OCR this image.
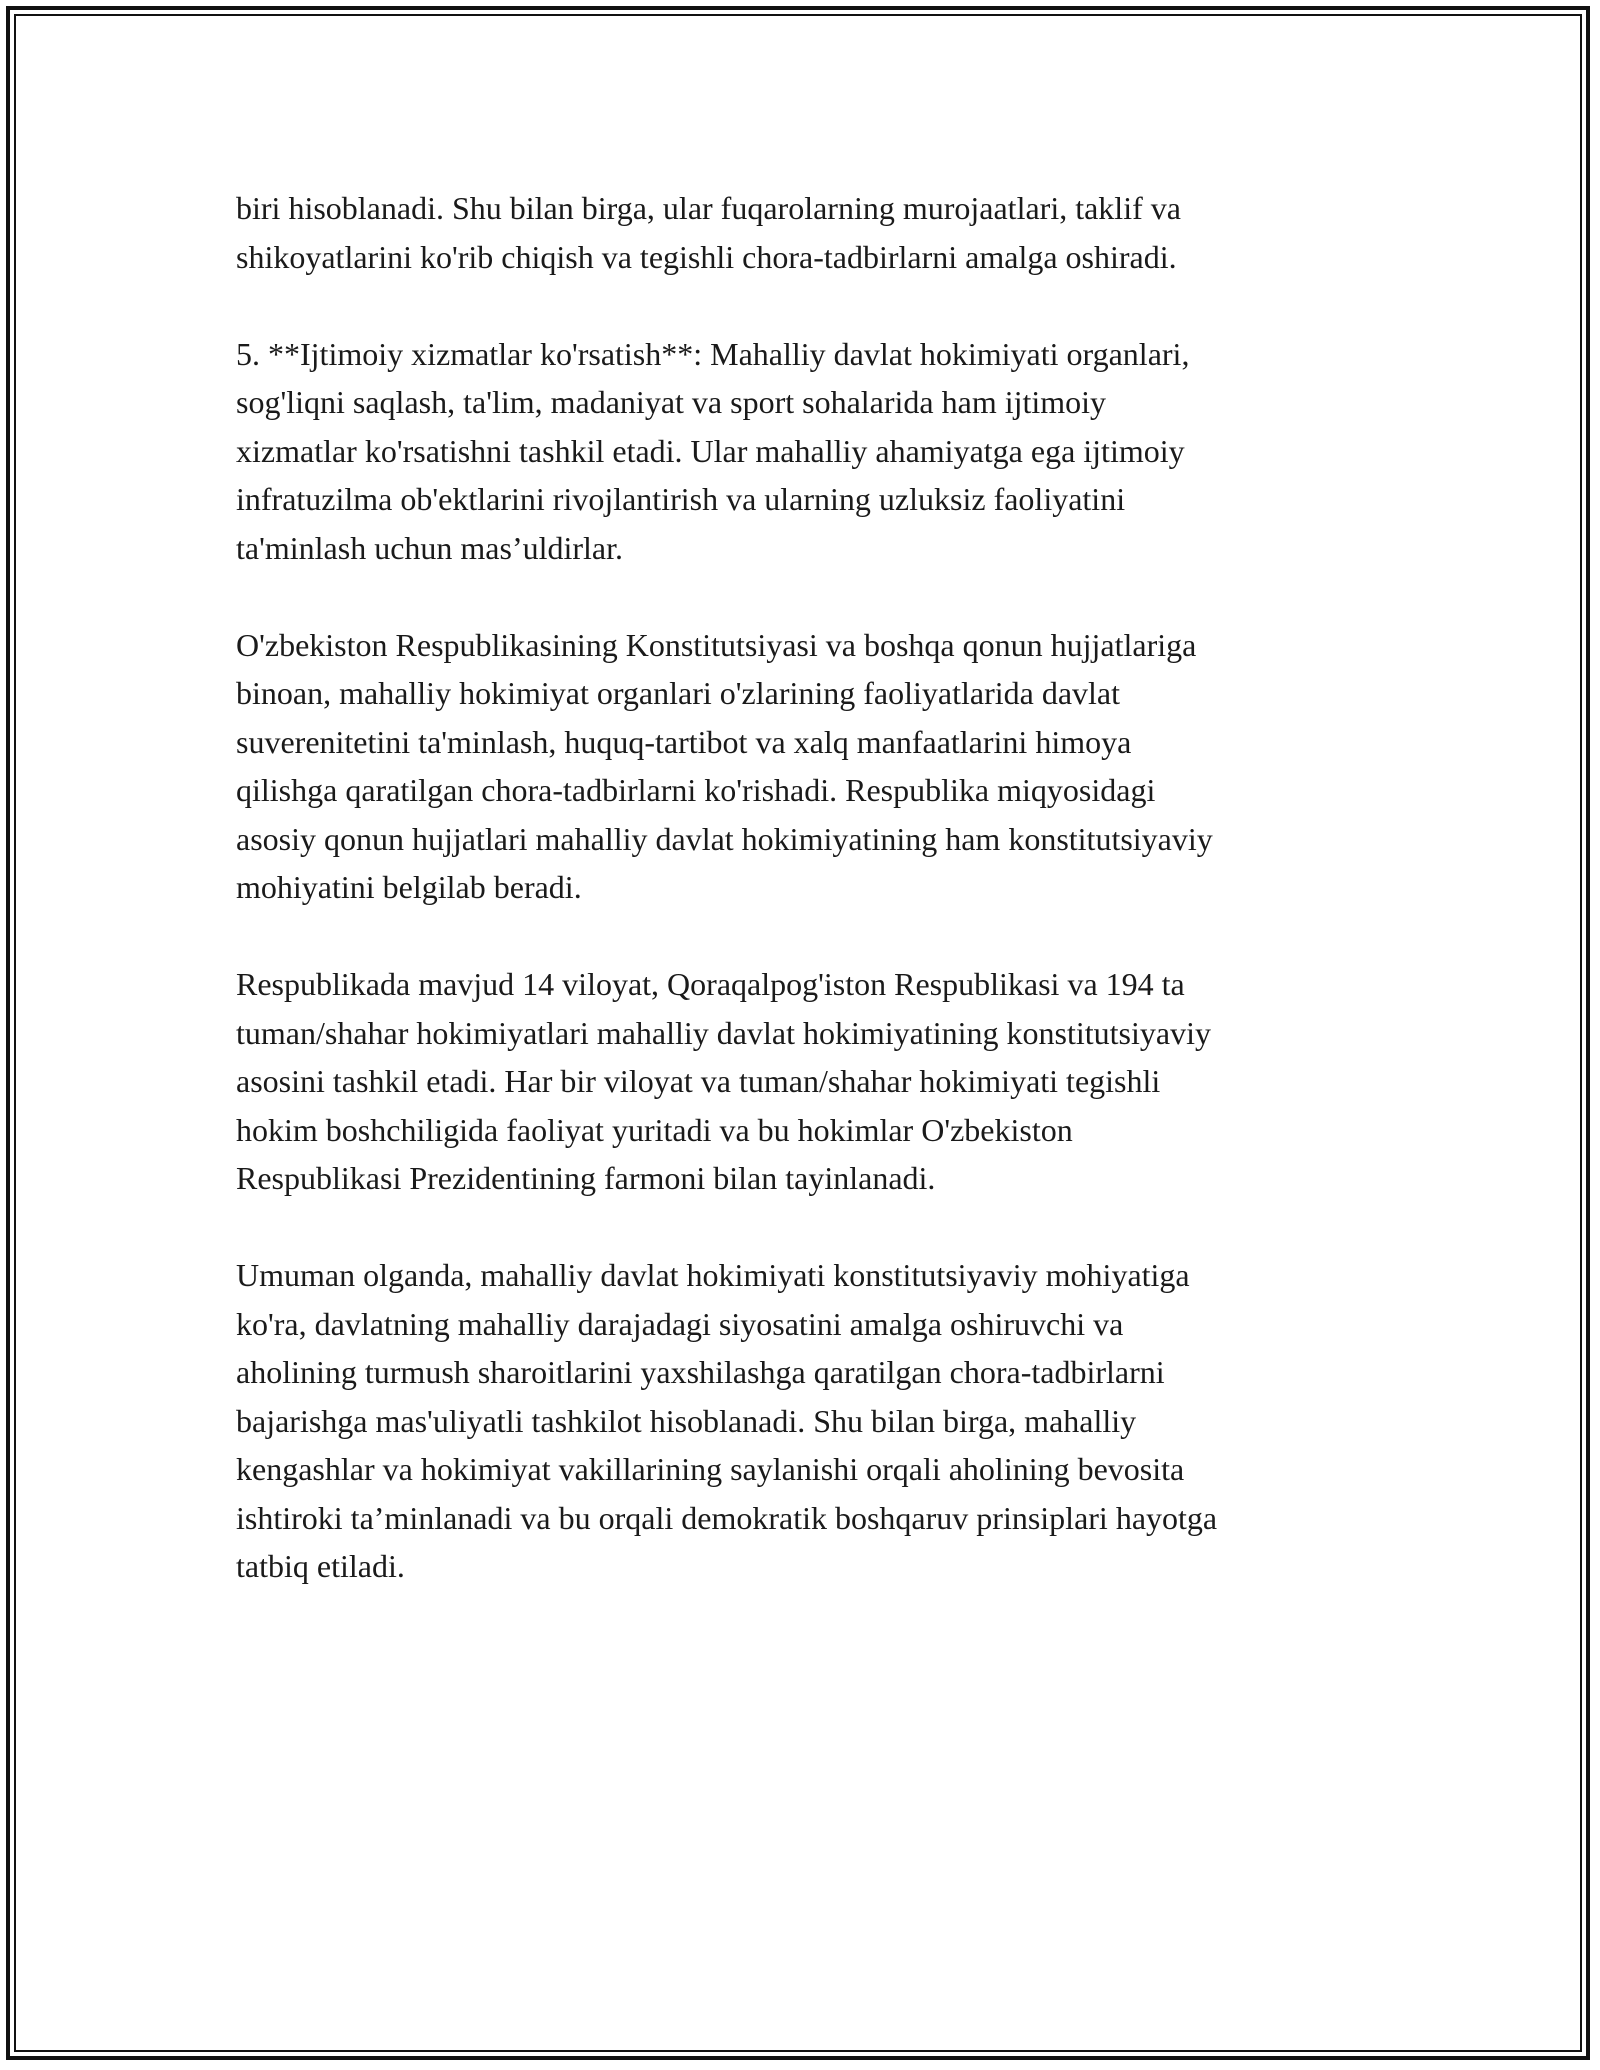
biri hisoblanadi. Shu bilan birga, ular fuqarolarning murojaatlari, taklif va
shikoyatlarini ko'rib chiqish va tegishli chora-tadbirlarni amalga oshiradi.

5. **Ijtimoiy xizmatlar ko'rsatish**: Mahalliy davlat hokimiyati organlari,
sog'liqni saqlash, ta'lim, madaniyat va sport sohalarida ham ijtimoiy
xizmatlar ko'rsatishni tashkil etadi. Ular mahalliy ahamiyatga ega ijtimoiy
infratuzilma ob'ektlarini rivojlantirish va ularning uzluksiz faoliyatini
ta'minlash uchun mas’uldirlar.

O'zbekiston Respublikasining Konstitutsiyasi va boshqa qonun hujjatlariga
binoan, mahalliy hokimiyat organlari o'zlarining faoliyatlarida davlat
suverenitetini ta'minlash, huquq-tartibot va xalq manfaatlarini himoya
qilishga qaratilgan chora-tadbirlarni ko'rishadi. Respublika miqyosidagi
asosiy qonun hujjatlari mahalliy davlat hokimiyatining ham konstitutsiyaviy
mohiyatini belgilab beradi.

Respublikada mavjud 14 viloyat, Qoraqalpog'iston Respublikasi va 194 ta
tuman/shahar hokimiyatlari mahalliy davlat hokimiyatining konstitutsiyaviy
asosini tashkil etadi. Har bir viloyat va tuman/shahar hokimiyati tegishli
hokim boshchiligida faoliyat yuritadi va bu hokimlar O'zbekiston
Respublikasi Prezidentining farmoni bilan tayinlanadi.

Umuman olganda, mahalliy davlat hokimiyati konstitutsiyaviy mohiyatiga
ko'ra, davlatning mahalliy darajadagi siyosatini amalga oshiruvchi va
aholining turmush sharoitlarini yaxshilashga qaratilgan chora-tadbirlarni
bajarishga mas'uliyatli tashkilot hisoblanadi. Shu bilan birga, mahalliy
kengashlar va hokimiyat vakillarining saylanishi orqali aholining bevosita
ishtiroki ta’minlanadi va bu orqali demokratik boshqaruv prinsiplari hayotga
tatbiq etiladi.
